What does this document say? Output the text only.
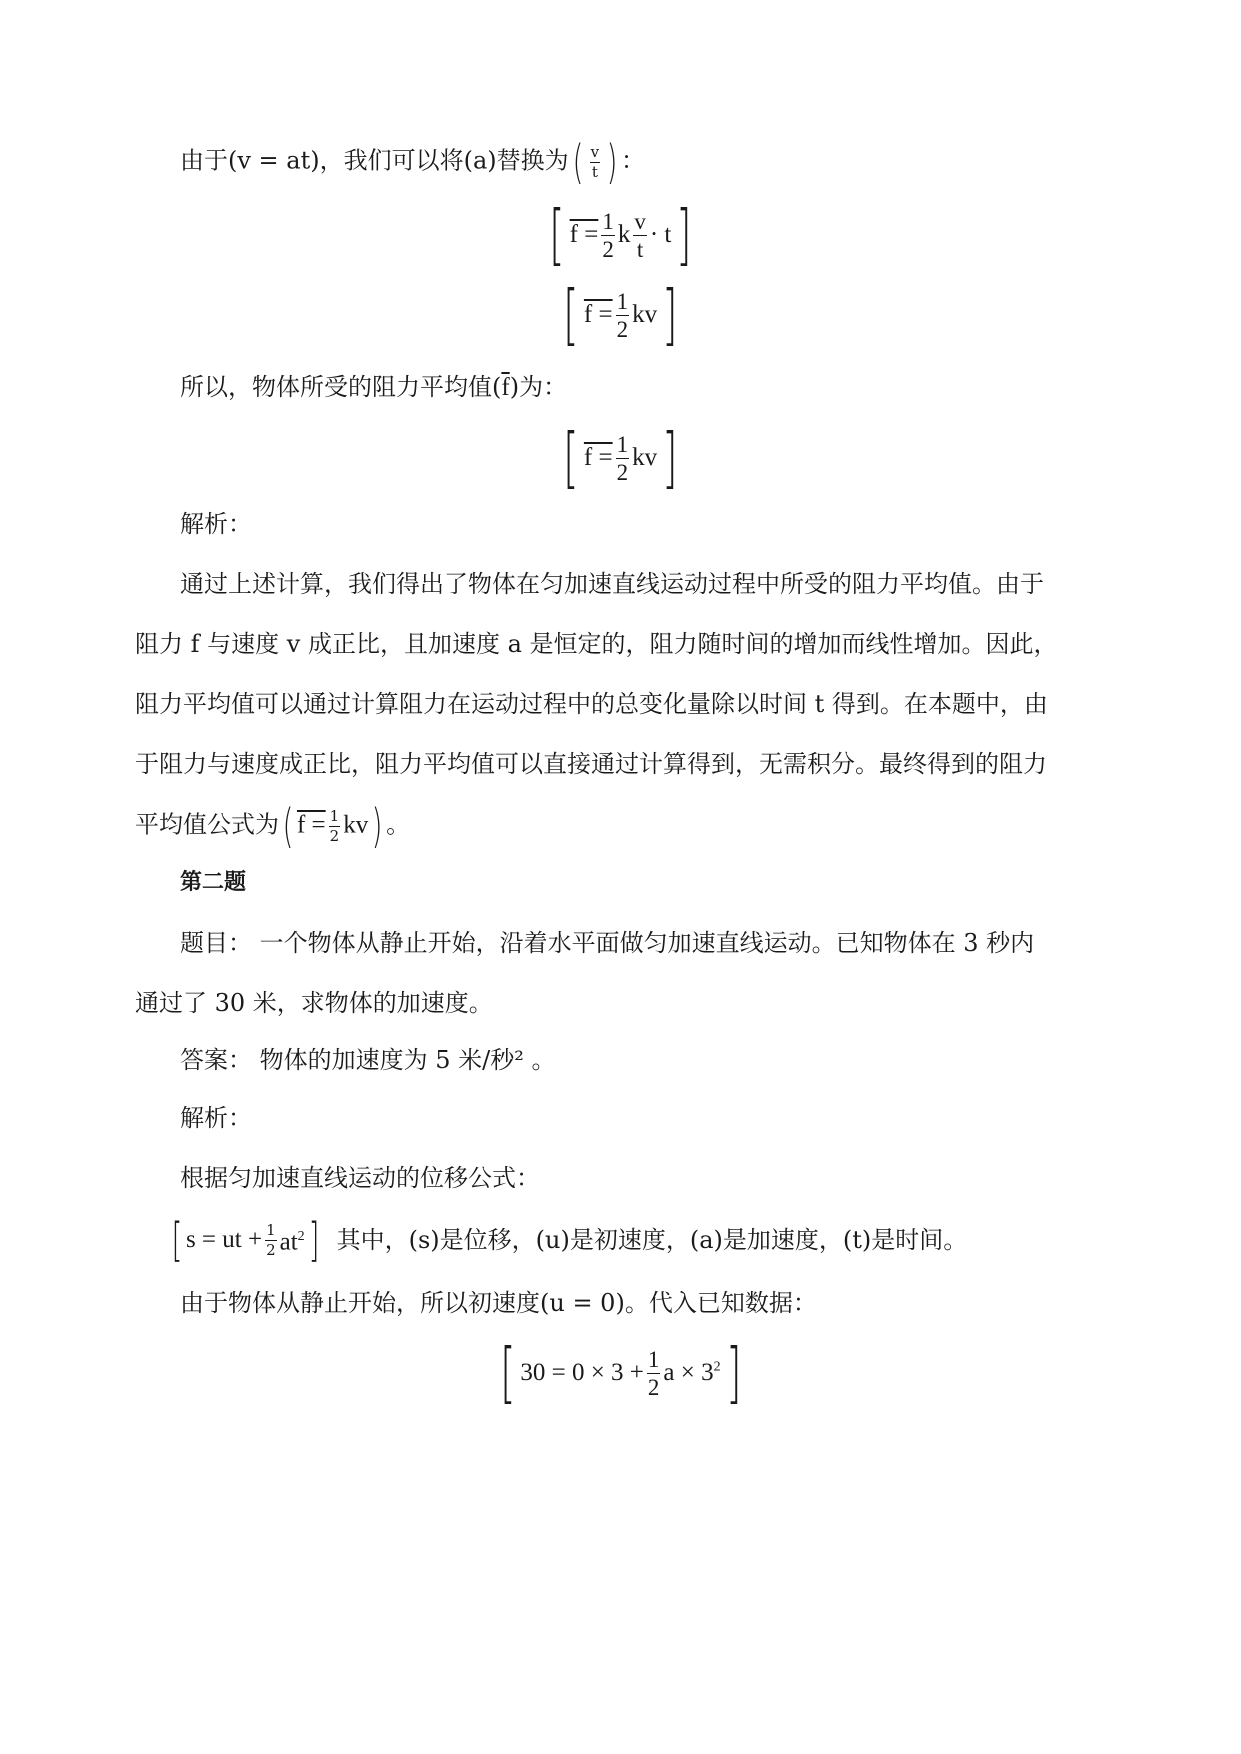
由于(v = at)，我们可以将(a)替换为( $\frac{v}{t}$ ) ：
[ $f = \frac{1}{2}$ k $\frac{v}{t} \cdot t$ ]
[ $f = \frac{1}{2}$ kv ]
所以，物体所受的阻力平均值$(\overline{f})$为：
[ $f = \frac{1}{2}$ kv ]
解析：
通过上述计算，我们得出了物体在匀加速直线运动过程中所受的阻力平均值。由于
阻力 f 与速度 v 成正比，且加速度 a 是恒定的，阻力随时间的增加而线性增加。因此，
阻力平均值可以通过计算阻力在运动过程中的总变化量除以时间 t 得到。在本题中，由
于阻力与速度成正比，阻力平均值可以直接通过计算得到，无需积分。最终得到的阻力
平均值公式为( $f = \frac{1}{2} kv$) 。
第二题
题目： 一个物体从静止开始，沿着水平面做匀加速直线运动。已知物体在 3 秒内
通过了 30 米，求物体的加速度。
答案： 物体的加速度为 5 米/秒² 。
解析：
根据匀加速直线运动的位移公式：
[ s = ut + $\frac{1}{2} at^2$ ] 其中，(s)是位移，(u)是初速度，(a)是加速度，(t)是时间。
由于物体从静止开始，所以初速度(u = 0)。代入已知数据：
[ $30 = 0 \times 3 + \frac{1}{2}$ $a \times 3^2$ ]
